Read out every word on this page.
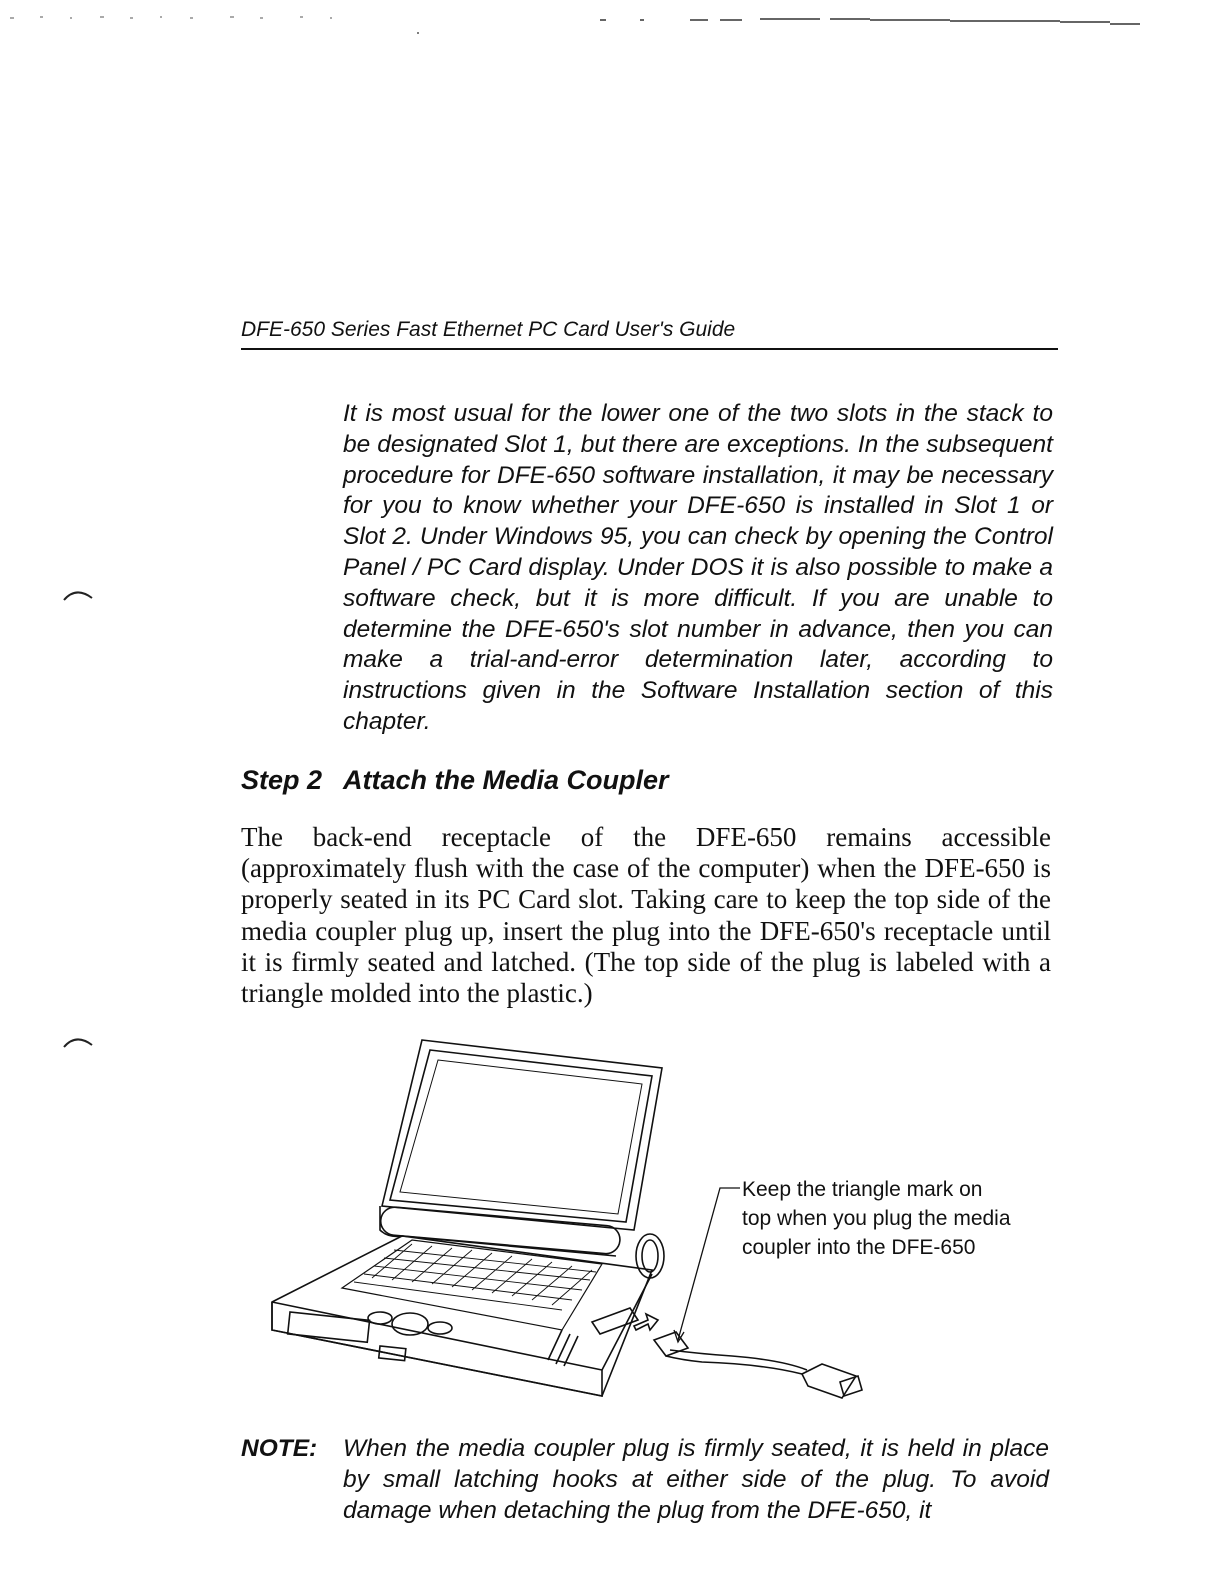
DFE-650 Series Fast Ethernet PC Card User's Guide

It is most usual for the lower one of the two slots in the stack to be designated Slot 1, but there are exceptions. In the subsequent procedure for DFE-650 software installation, it may be necessary for you to know whether your DFE-650 is installed in Slot 1 or Slot 2. Under Windows 95, you can check by opening the Control Panel / PC Card display. Under DOS it is also possible to make a software check, but it is more difficult. If you are unable to determine the DFE-650's slot number in advance, then you can make a trial-and-error determination later, according to instructions given in the Software Installation section of this chapter.

Step 2 Attach the Media Coupler

The back-end receptacle of the DFE-650 remains accessible (approximately flush with the case of the computer) when the DFE-650 is properly seated in its PC Card slot. Taking care to keep the top side of the media coupler plug up, insert the plug into the DFE-650's receptacle until it is firmly seated and latched. (The top side of the plug is labeled with a triangle molded into the plastic.)

Keep the triangle mark on
top when you plug the media
coupler into the DFE-650
NOTE: When the media coupler plug is firmly seated, it is held in place by small latching hooks at either side of the plug. To avoid damage when detaching the plug from the DFE-650, it
